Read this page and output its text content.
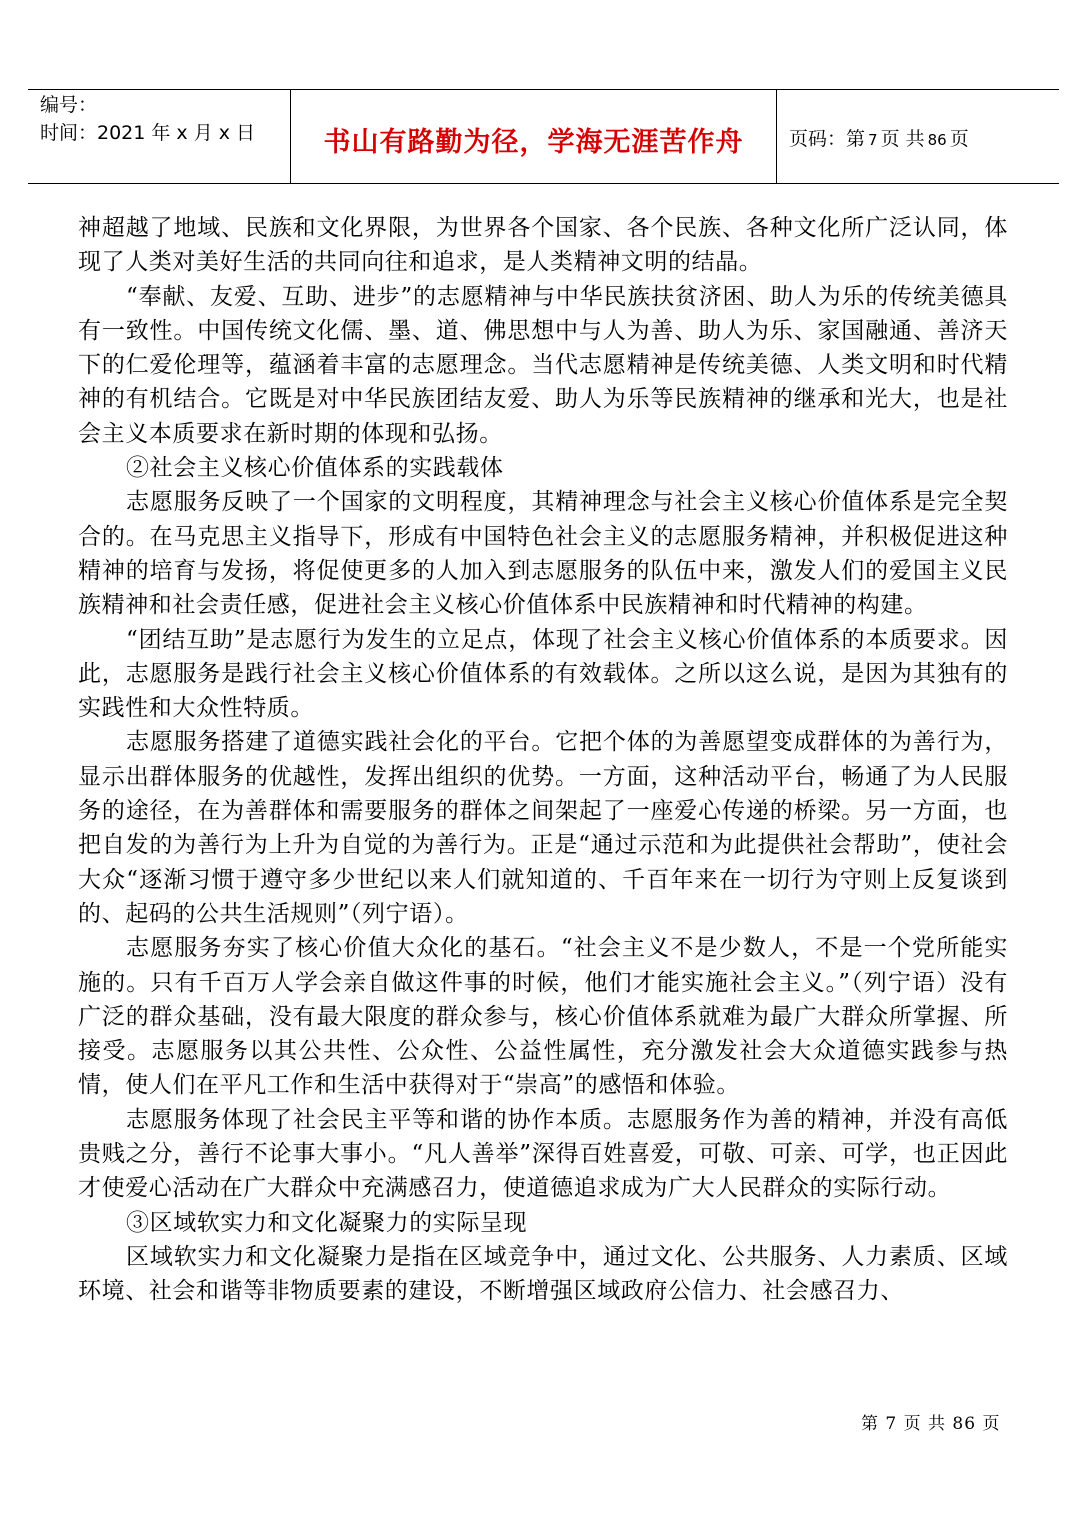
编号：
时间：2021 年 x 月 x 日	书山有路勤为径，学海无涯苦作舟	页码：第 7 页 共 86 页

神超越了地域、民族和文化界限，为世界各个国家、各个民族、各种文化所广泛认同，体现了人类对美好生活的共同向往和追求，是人类精神文明的结晶。

“奉献、友爱、互助、进步”的志愿精神与中华民族扶贫济困、助人为乐的传统美德具有一致性。中国传统文化儒、墨、道、佛思想中与人为善、助人为乐、家国融通、善济天下的仁爱伦理等，蕴涵着丰富的志愿理念。当代志愿精神是传统美德、人类文明和时代精神的有机结合。它既是对中华民族团结友爱、助人为乐等民族精神的继承和光大，也是社会主义本质要求在新时期的体现和弘扬。

②社会主义核心价值体系的实践载体

志愿服务反映了一个国家的文明程度，其精神理念与社会主义核心价值体系是完全契合的。在马克思主义指导下，形成有中国特色社会主义的志愿服务精神，并积极促进这种精神的培育与发扬，将促使更多的人加入到志愿服务的队伍中来，激发人们的爱国主义民族精神和社会责任感，促进社会主义核心价值体系中民族精神和时代精神的构建。

“团结互助”是志愿行为发生的立足点，体现了社会主义核心价值体系的本质要求。因此，志愿服务是践行社会主义核心价值体系的有效载体。之所以这么说，是因为其独有的实践性和大众性特质。

志愿服务搭建了道德实践社会化的平台。它把个体的为善愿望变成群体的为善行为，显示出群体服务的优越性，发挥出组织的优势。一方面，这种活动平台，畅通了为人民服务的途径，在为善群体和需要服务的群体之间架起了一座爱心传递的桥梁。另一方面，也把自发的为善行为上升为自觉的为善行为。正是“通过示范和为此提供社会帮助”，使社会大众“逐渐习惯于遵守多少世纪以来人们就知道的、千百年来在一切行为守则上反复谈到的、起码的公共生活规则”（列宁语）。

志愿服务夯实了核心价值大众化的基石。“社会主义不是少数人，不是一个党所能实施的。只有千百万人学会亲自做这件事的时候，他们才能实施社会主义。”（列宁语）没有广泛的群众基础，没有最大限度的群众参与，核心价值体系就难为最广大群众所掌握、所接受。志愿服务以其公共性、公众性、公益性属性，充分激发社会大众道德实践参与热情，使人们在平凡工作和生活中获得对于“崇高”的感悟和体验。

志愿服务体现了社会民主平等和谐的协作本质。志愿服务作为善的精神，并没有高低贵贱之分，善行不论事大事小。“凡人善举”深得百姓喜爱，可敬、可亲、可学，也正因此才使爱心活动在广大群众中充满感召力，使道德追求成为广大人民群众的实际行动。

③区域软实力和文化凝聚力的实际呈现

区域软实力和文化凝聚力是指在区域竞争中，通过文化、公共服务、人力素质、区域环境、社会和谐等非物质要素的建设，不断增强区域政府公信力、社会感召力、

第 7 页 共 86 页
